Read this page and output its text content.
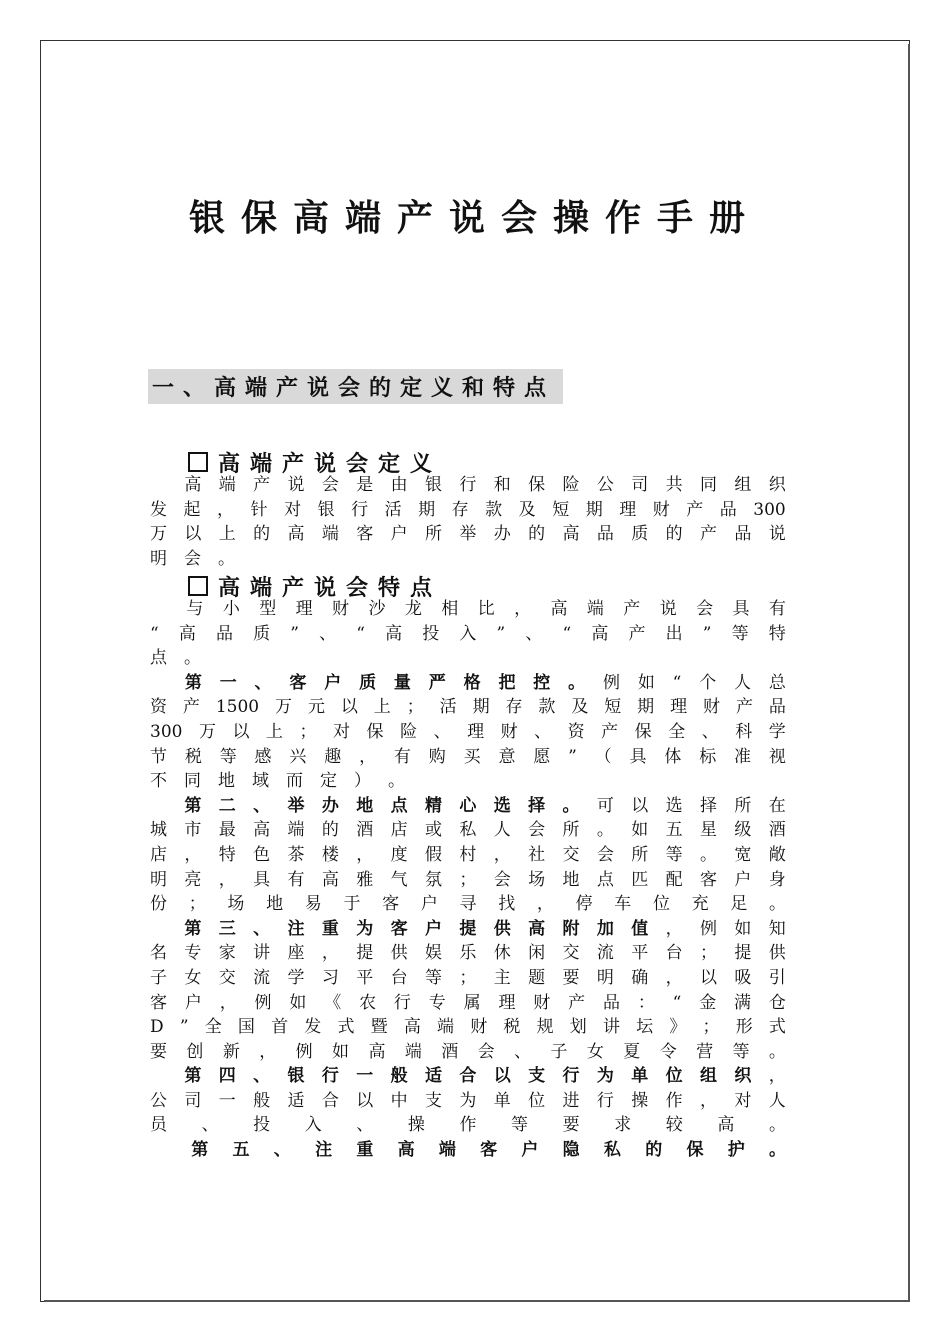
银保高端产说会操作手册
一、高端产说会的定义和特点
高端产说会定义

高 端 产 说 会 是 由 银 行 和 保 险 公 司 共 同 组 织
发 起 ， 针 对 银 行 活 期 存 款 及 短 期 理 财 产 品 300
万 以 上 的 高 端 客 户 所 举 办 的 高 品 质 的 产 品 说
明 会 。
高端产说会特点

与 小 型 理 财 沙 龙 相 比 ， 高 端 产 说 会 具 有
“ 高 品 质 ” 、 “ 高 投 入 ” 、 “ 高 产 出 ” 等 特
点 。

第 一 、 客 户 质 量 严 格 把 控 。 例 如 “ 个 人 总
资 产 1500 万 元 以 上 ； 活 期 存 款 及 短 期 理 财 产 品
300 万 以 上 ； 对 保 险 、 理 财 、 资 产 保 全 、 科 学
节 税 等 感 兴 趣 ， 有 购 买 意 愿 ” （ 具 体 标 准 视
不 同 地 域 而 定 ） 。

第 二 、 举 办 地 点 精 心 选 择 。 可 以 选 择 所 在
城 市 最 高 端 的 酒 店 或 私 人 会 所 。 如 五 星 级 酒
店 ， 特 色 茶 楼 ， 度 假 村 ， 社 交 会 所 等 。 宽 敞
明 亮 ， 具 有 高 雅 气 氛 ； 会 场 地 点 匹 配 客 户 身
份 ； 场 地 易 于 客 户 寻 找 ， 停 车 位 充 足 。

第 三 、 注 重 为 客 户 提 供 高 附 加 值 ， 例 如 知
名 专 家 讲 座 ， 提 供 娱 乐 休 闲 交 流 平 台 ； 提 供
子 女 交 流 学 习 平 台 等 ； 主 题 要 明 确 ， 以 吸 引
客 户 ， 例 如 《 农 行 专 属 理 财 产 品 ： “ 金 满 仓
D ” 全 国 首 发 式 暨 高 端 财 税 规 划 讲 坛 》 ； 形 式
要 创 新 ， 例 如 高 端 酒 会 、 子 女 夏 令 营 等 。

第 四 、 银 行 一 般 适 合 以 支 行 为 单 位 组 织 ，
公 司 一 般 适 合 以 中 支 为 单 位 进 行 操 作 ， 对 人
员 、 投 入 、 操 作 等 要 求 较 高 。

第 五 、 注 重 高 端 客 户 隐 私 的 保 护 。
